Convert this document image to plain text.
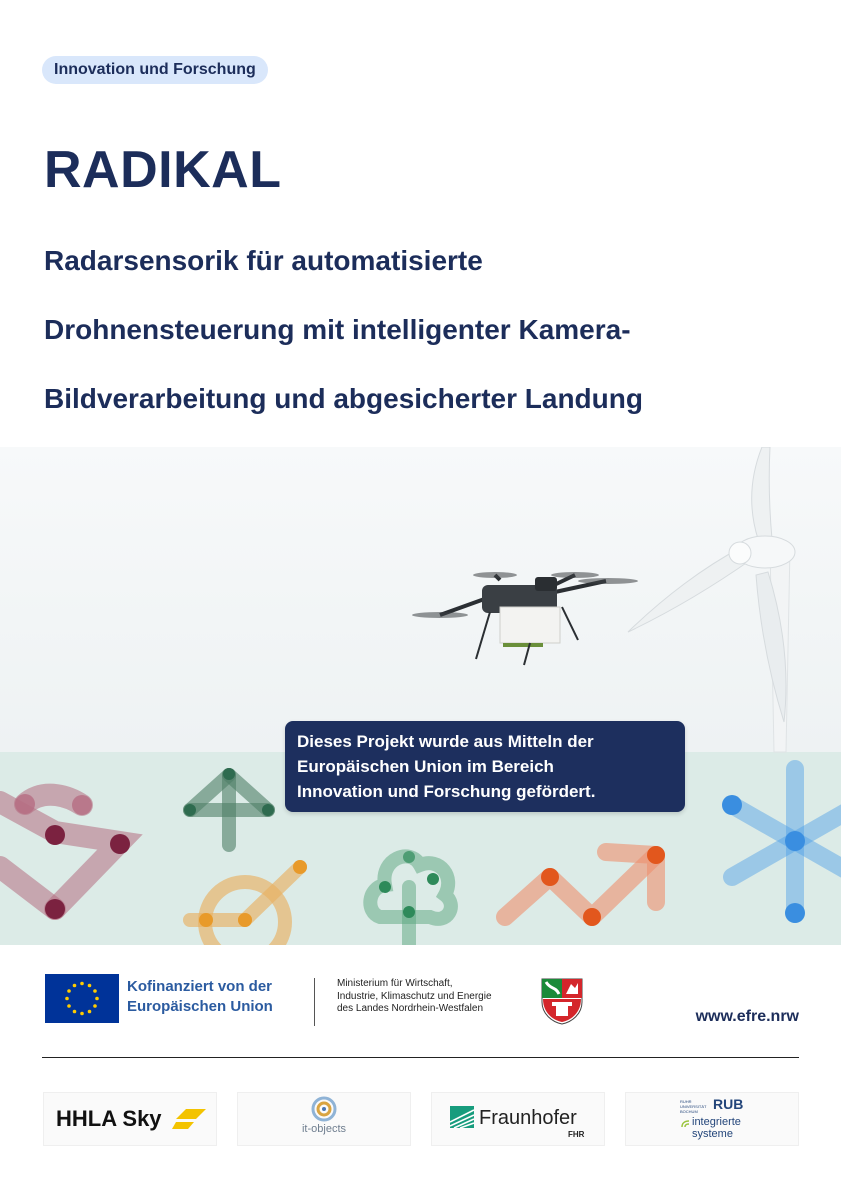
Innovation und Forschung
RADIKAL
Radarsensorik für automatisierte
Drohnensteuerung mit intelligenter Kamera-
Bildverarbeitung und abgesicherter Landung
Dieses Projekt wurde aus Mitteln der
Europäischen Union im Bereich
Innovation und Forschung gefördert.
Kofinanziert von der
Europäischen Union
Ministerium für Wirtschaft,
Industrie, Klimaschutz und Energie
des Landes Nordrhein-Westfalen	www.efre.nrw
HHLA Sky	it-objects	Fraunhofer
FHR
RUHR
UNIVERSITÄT
BOCHUM	RUB
integrierte
systeme
